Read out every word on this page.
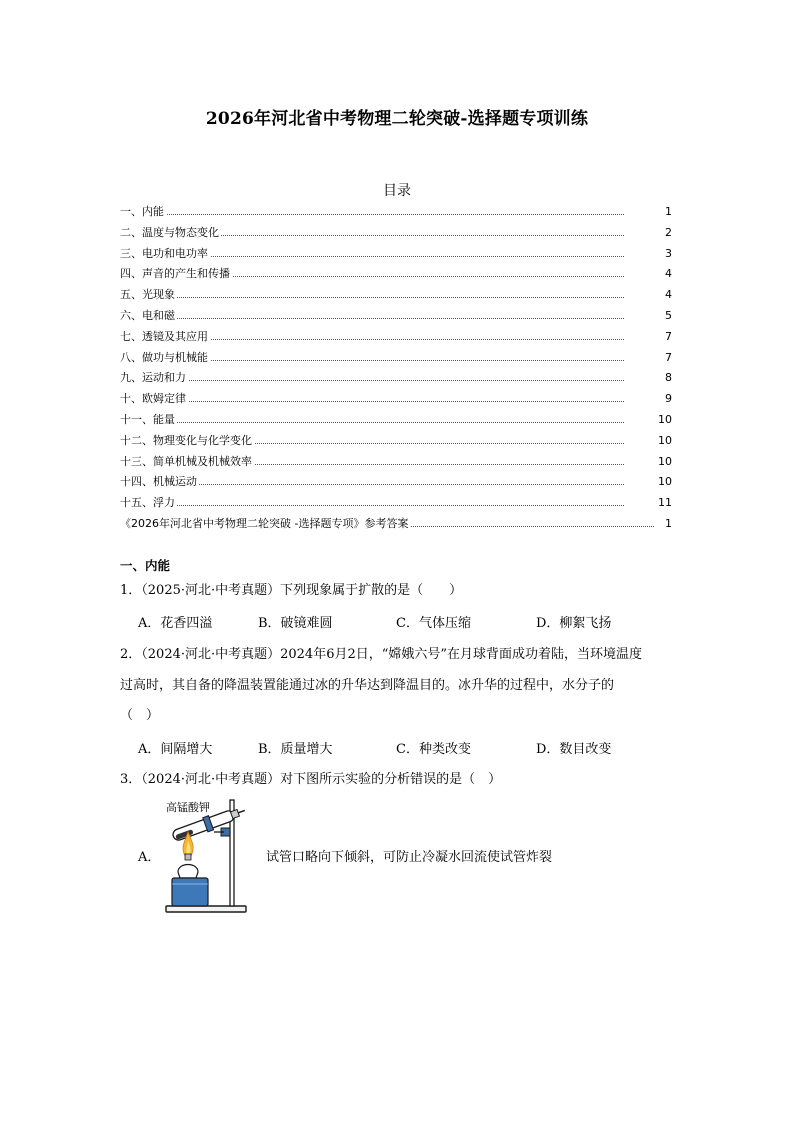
2026年河北省中考物理二轮突破-选择题专项训练
目录
一、内能	1
二、温度与物态变化	2
三、电功和电功率	3
四、声音的产生和传播	4
五、光现象	4
六、电和磁	5
七、透镜及其应用	7
八、做功与机械能	7
九、运动和力	8
十、欧姆定律	9
十一、能量	10
十二、物理变化与化学变化	10
十三、简单机械及机械效率	10
十四、机械运动	10
十五、浮力	11
《2026年河北省中考物理二轮突破 -选择题专项》参考答案	1
一、内能
1．（2025·河北·中考真题）下列现象属于扩散的是（　　）
A．花香四溢	B．破镜难圆	C．气体压缩	D．柳絮飞扬
2．（2024·河北·中考真题）2024年6月2日，“嫦娥六号”在月球背面成功着陆，当环境温度
过高时，其自备的降温装置能通过冰的升华达到降温目的。冰升华的过程中，水分子的
（　）
A．间隔增大	B．质量增大	C．种类改变	D．数目改变
3．（2024·河北·中考真题）对下图所示实验的分析错误的是（　）
A．
高锰酸钾
试管口略向下倾斜，可防止冷凝水回流使试管炸裂
